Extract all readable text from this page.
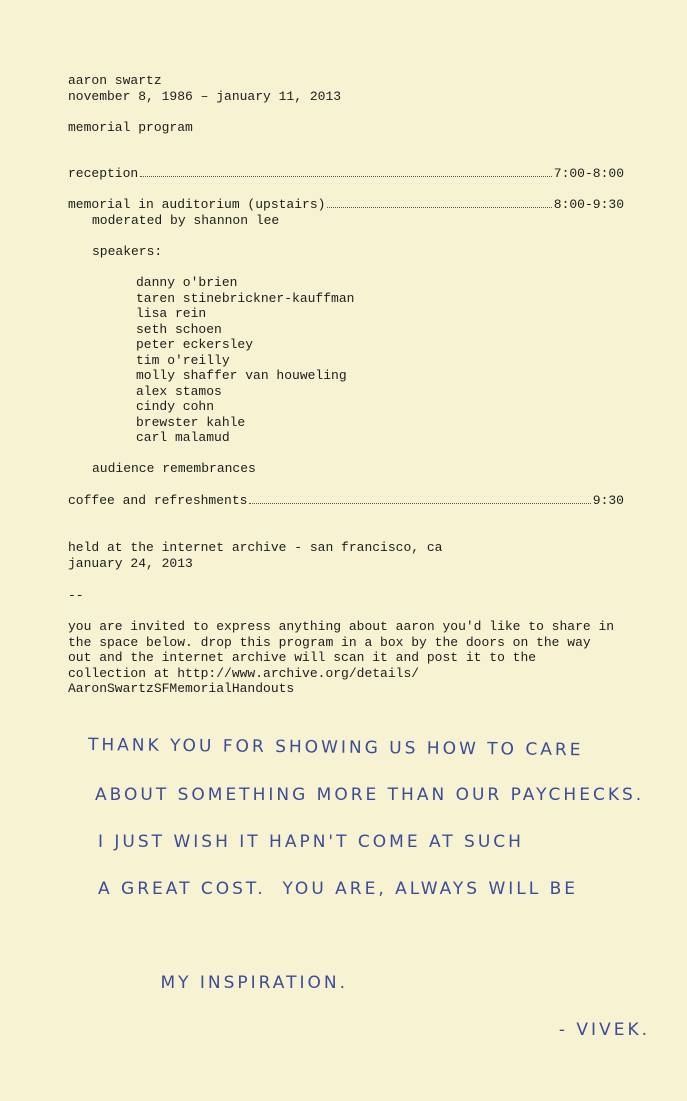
aaron swartz
november 8, 1986 – january 11, 2013
memorial program
reception	7:00-8:00
memorial in auditorium (upstairs)	8:00-9:30
moderated by shannon lee
speakers:
danny o'brien
taren stinebrickner-kauffman
lisa rein
seth schoen
peter eckersley
tim o'reilly
molly shaffer van houweling
alex stamos
cindy cohn
brewster kahle
carl malamud
audience remembrances
coffee and refreshments	9:30
held at the internet archive - san francisco, ca
january 24, 2013
--
you are invited to express anything about aaron you'd like to share in
the space below. drop this program in a box by the doors on the way
out and the internet archive will scan it and post it to the
collection at http://www.archive.org/details/
AaronSwartzSFMemorialHandouts
THANK YOU FOR SHOWING US HOW TO CARE
ABOUT SOMETHING MORE THAN OUR PAYCHECKS.
I JUST WISH IT HAPN'T COME AT SUCH
A GREAT COST.  YOU ARE, ALWAYS WILL BE

MY INSPIRATION.

- VIVEK.
